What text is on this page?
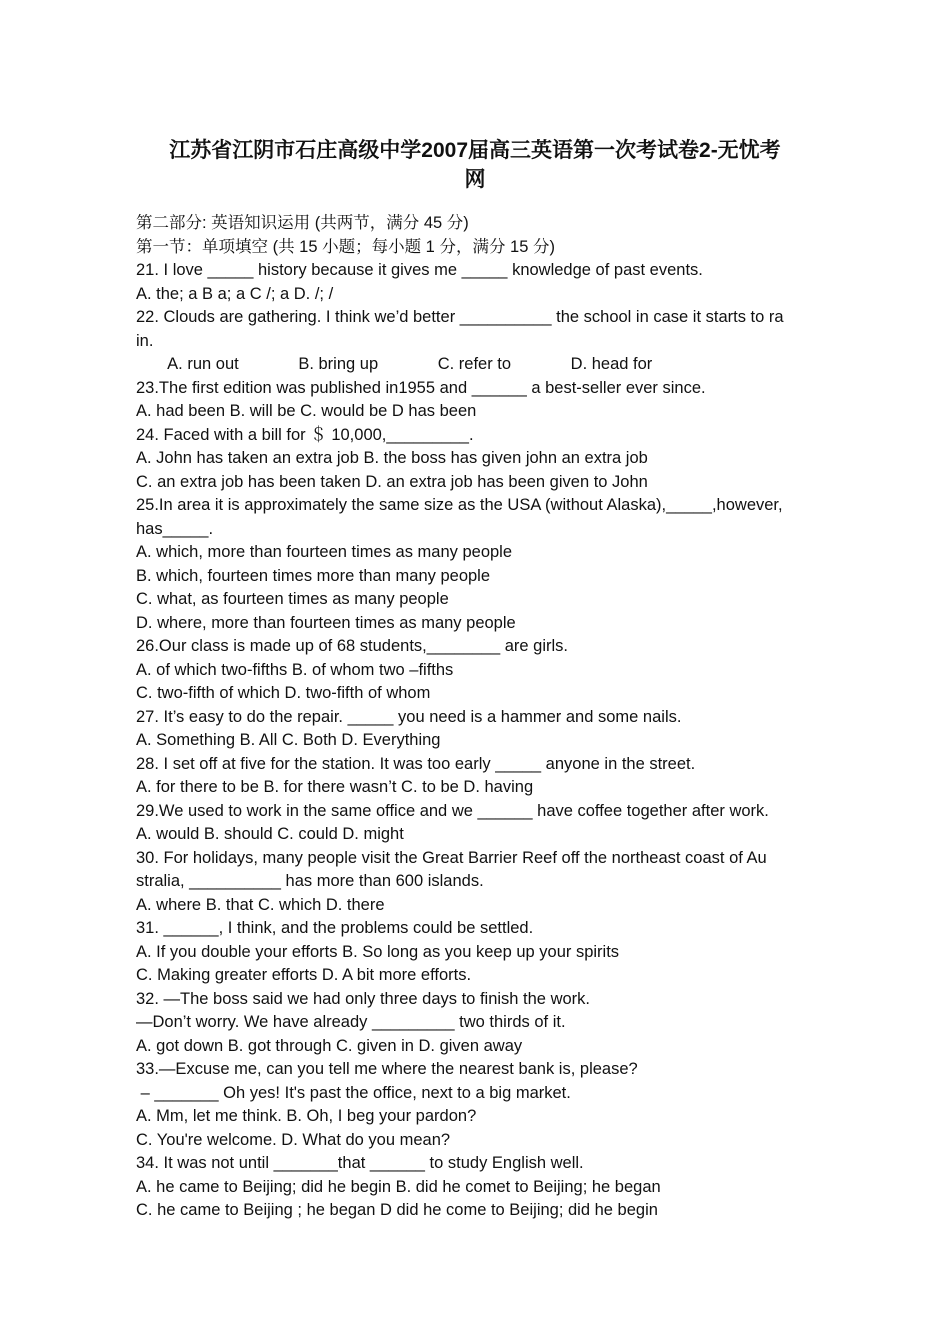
江苏省江阴市石庄高级中学2007届高三英语第一次考试卷2-无忧考
网
第二部分: 英语知识运用 (共两节，满分 45 分)
第一节：单项填空 (共 15 小题；每小题 1 分，满分 15 分)
21. I love _____ history because it gives me _____ knowledge of past events.
A. the; a B a; a C /; a D. /; /
22. Clouds are gathering. I think we’d better __________ the school in case it starts to ra
in.
A. run out             B. bring up             C. refer to             D. head for
23.The first edition was published in1955 and ______ a best-seller ever since.
A. had been B. will be C. would be D has been
24. Faced with a bill for ＄ 10,000,_________.
A. John has taken an extra job B. the boss has given john an extra job
C. an extra job has been taken D. an extra job has been given to John
25.In area it is approximately the same size as the USA (without Alaska),_____,however,
has_____.
A. which, more than fourteen times as many people
B. which, fourteen times more than many people
C. what, as fourteen times as many people
D. where, more than fourteen times as many people
26.Our class is made up of 68 students,________ are girls.
A. of which two-fifths B. of whom two –fifths
C. two-fifth of which D. two-fifth of whom
27. It’s easy to do the repair. _____ you need is a hammer and some nails.
A. Something B. All C. Both D. Everything
28. I set off at five for the station. It was too early _____ anyone in the street.
A. for there to be B. for there wasn’t C. to be D. having
29.We used to work in the same office and we ______ have coffee together after work.
A. would B. should C. could D. might
30. For holidays, many people visit the Great Barrier Reef off the northeast coast of Au
stralia, __________ has more than 600 islands.
A. where B. that C. which D. there
31. ______, I think, and the problems could be settled.
A. If you double your efforts B. So long as you keep up your spirits
C. Making greater efforts D. A bit more efforts.
32. —The boss said we had only three days to finish the work.
—Don’t worry. We have already _________ two thirds of it.
A. got down B. got through C. given in D. given away
33.—Excuse me, can you tell me where the nearest bank is, please?
– _______ Oh yes! It's past the office, next to a big market.
A. Mm, let me think. B. Oh, I beg your pardon?
C. You're welcome. D. What do you mean?
34. It was not until _______that ______ to study English well.
A. he came to Beijing; did he begin B. did he comet to Beijing; he began
C. he came to Beijing ; he began D did he come to Beijing; did he begin
